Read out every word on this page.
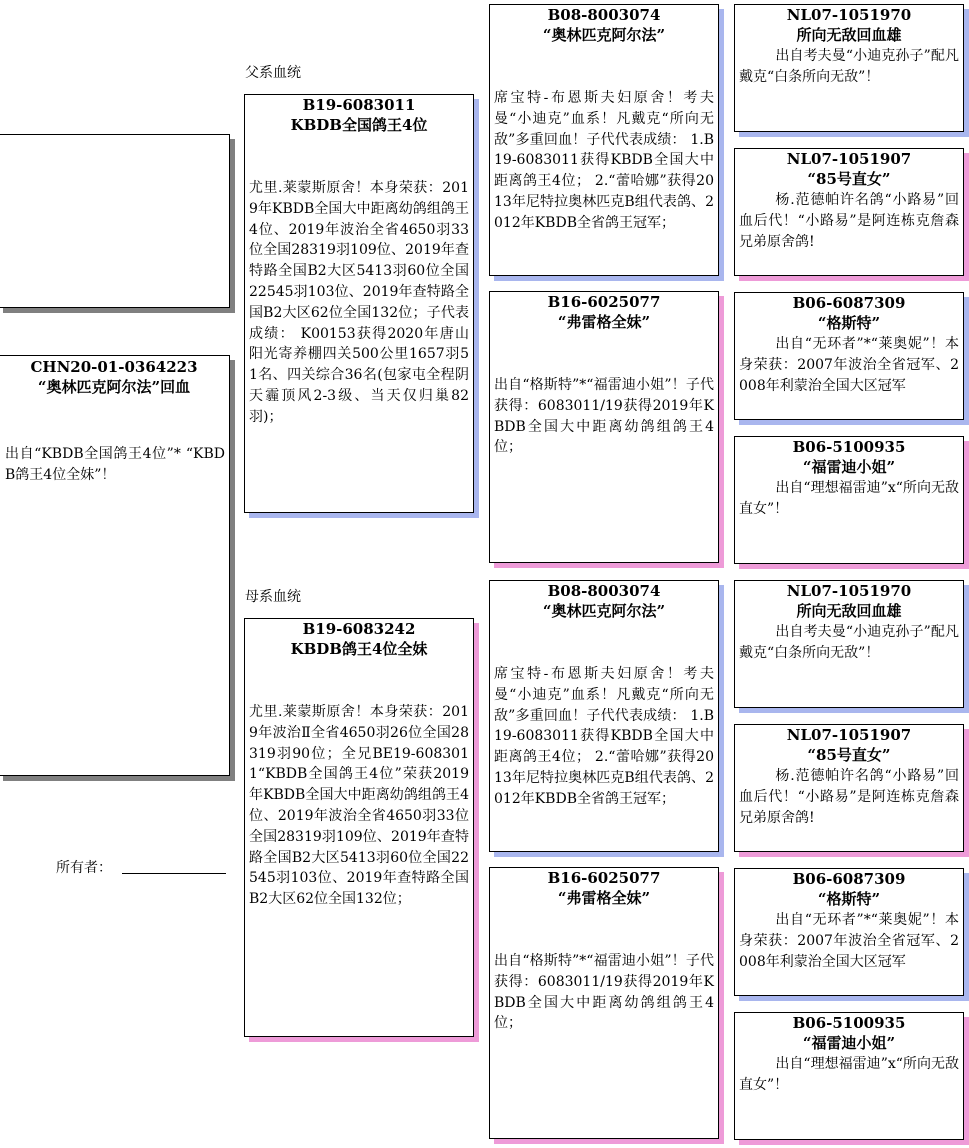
CHN20-01-0364223
“奥林匹克阿尔法”回血
出自“KBDB全国鸽王4位”* “KBDB鸽王4位全妹”！
所有者：
父系血统
母系血统
B19-6083011
KBDB全国鸽王4位
尤里.莱蒙斯原舍！本身荣获：2019年KBDB全国大中距离幼鸽组鸽王4位、2019年波治全省4650羽33位全国28319羽109位、2019年查特路全国B2大区5413羽60位全国22545羽103位、2019年查特路全国B2大区62位全国132位；子代表成绩： K00153获得2020年唐山阳光寄养棚四关500公里1657羽51名、四关综合36名(包家屯全程阴天霾顶风2-3级、当天仅归巢82羽)；
B19-6083242
KBDB鸽王4位全妹
尤里.莱蒙斯原舍！本身荣获：2019年波治Ⅱ全省4650羽26位全国28319羽90位；全兄BE19-6083011“KBDB全国鸽王4位”荣获2019年KBDB全国大中距离幼鸽组鸽王4位、2019年波治全省4650羽33位全国28319羽109位、2019年查特路全国B2大区5413羽60位全国22545羽103位、2019年查特路全国B2大区62位全国132位；
B08-8003074
“奥林匹克阿尔法”
席宝特-布恩斯夫妇原舍！考夫曼“小迪克”血系！凡戴克“所向无敌”多重回血！子代代表成绩： 1.B19-6083011获得KBDB全国大中距离鸽王4位； 2.“蕾哈娜”获得2013年尼特拉奥林匹克B组代表鸽、2012年KBDB全省鸽王冠军；
B16-6025077
“弗雷格全妹”
出自“格斯特”*“福雷迪小姐”！子代获得：6083011/19获得2019年KBDB全国大中距离幼鸽组鸽王4位；
B08-8003074
“奥林匹克阿尔法”
席宝特-布恩斯夫妇原舍！考夫曼“小迪克”血系！凡戴克“所向无敌”多重回血！子代代表成绩： 1.B19-6083011获得KBDB全国大中距离鸽王4位； 2.“蕾哈娜”获得2013年尼特拉奥林匹克B组代表鸽、2012年KBDB全省鸽王冠军；
B16-6025077
“弗雷格全妹”
出自“格斯特”*“福雷迪小姐”！子代获得：6083011/19获得2019年KBDB全国大中距离幼鸽组鸽王4位；
NL07-1051970
所向无敌回血雄
出自考夫曼“小迪克孙子”配凡戴克“白条所向无敌”！
NL07-1051907
“85号直女”
杨.范德帕许名鸽“小路易”回血后代！“小路易”是阿连栋克詹森兄弟原舍鸽!
B06-6087309
“格斯特”
出自“无环者”*“莱奥妮”！本身荣获：2007年波治全省冠军、2008年利蒙治全国大区冠军
B06-5100935
“福雷迪小姐”
出自“理想福雷迪”x“所向无敌直女”！
NL07-1051970
所向无敌回血雄
出自考夫曼“小迪克孙子”配凡戴克“白条所向无敌”！
NL07-1051907
“85号直女”
杨.范德帕许名鸽“小路易”回血后代！“小路易”是阿连栋克詹森兄弟原舍鸽!
B06-6087309
“格斯特”
出自“无环者”*“莱奥妮”！本身荣获：2007年波治全省冠军、2008年利蒙治全国大区冠军
B06-5100935
“福雷迪小姐”
出自“理想福雷迪”x“所向无敌直女”！
